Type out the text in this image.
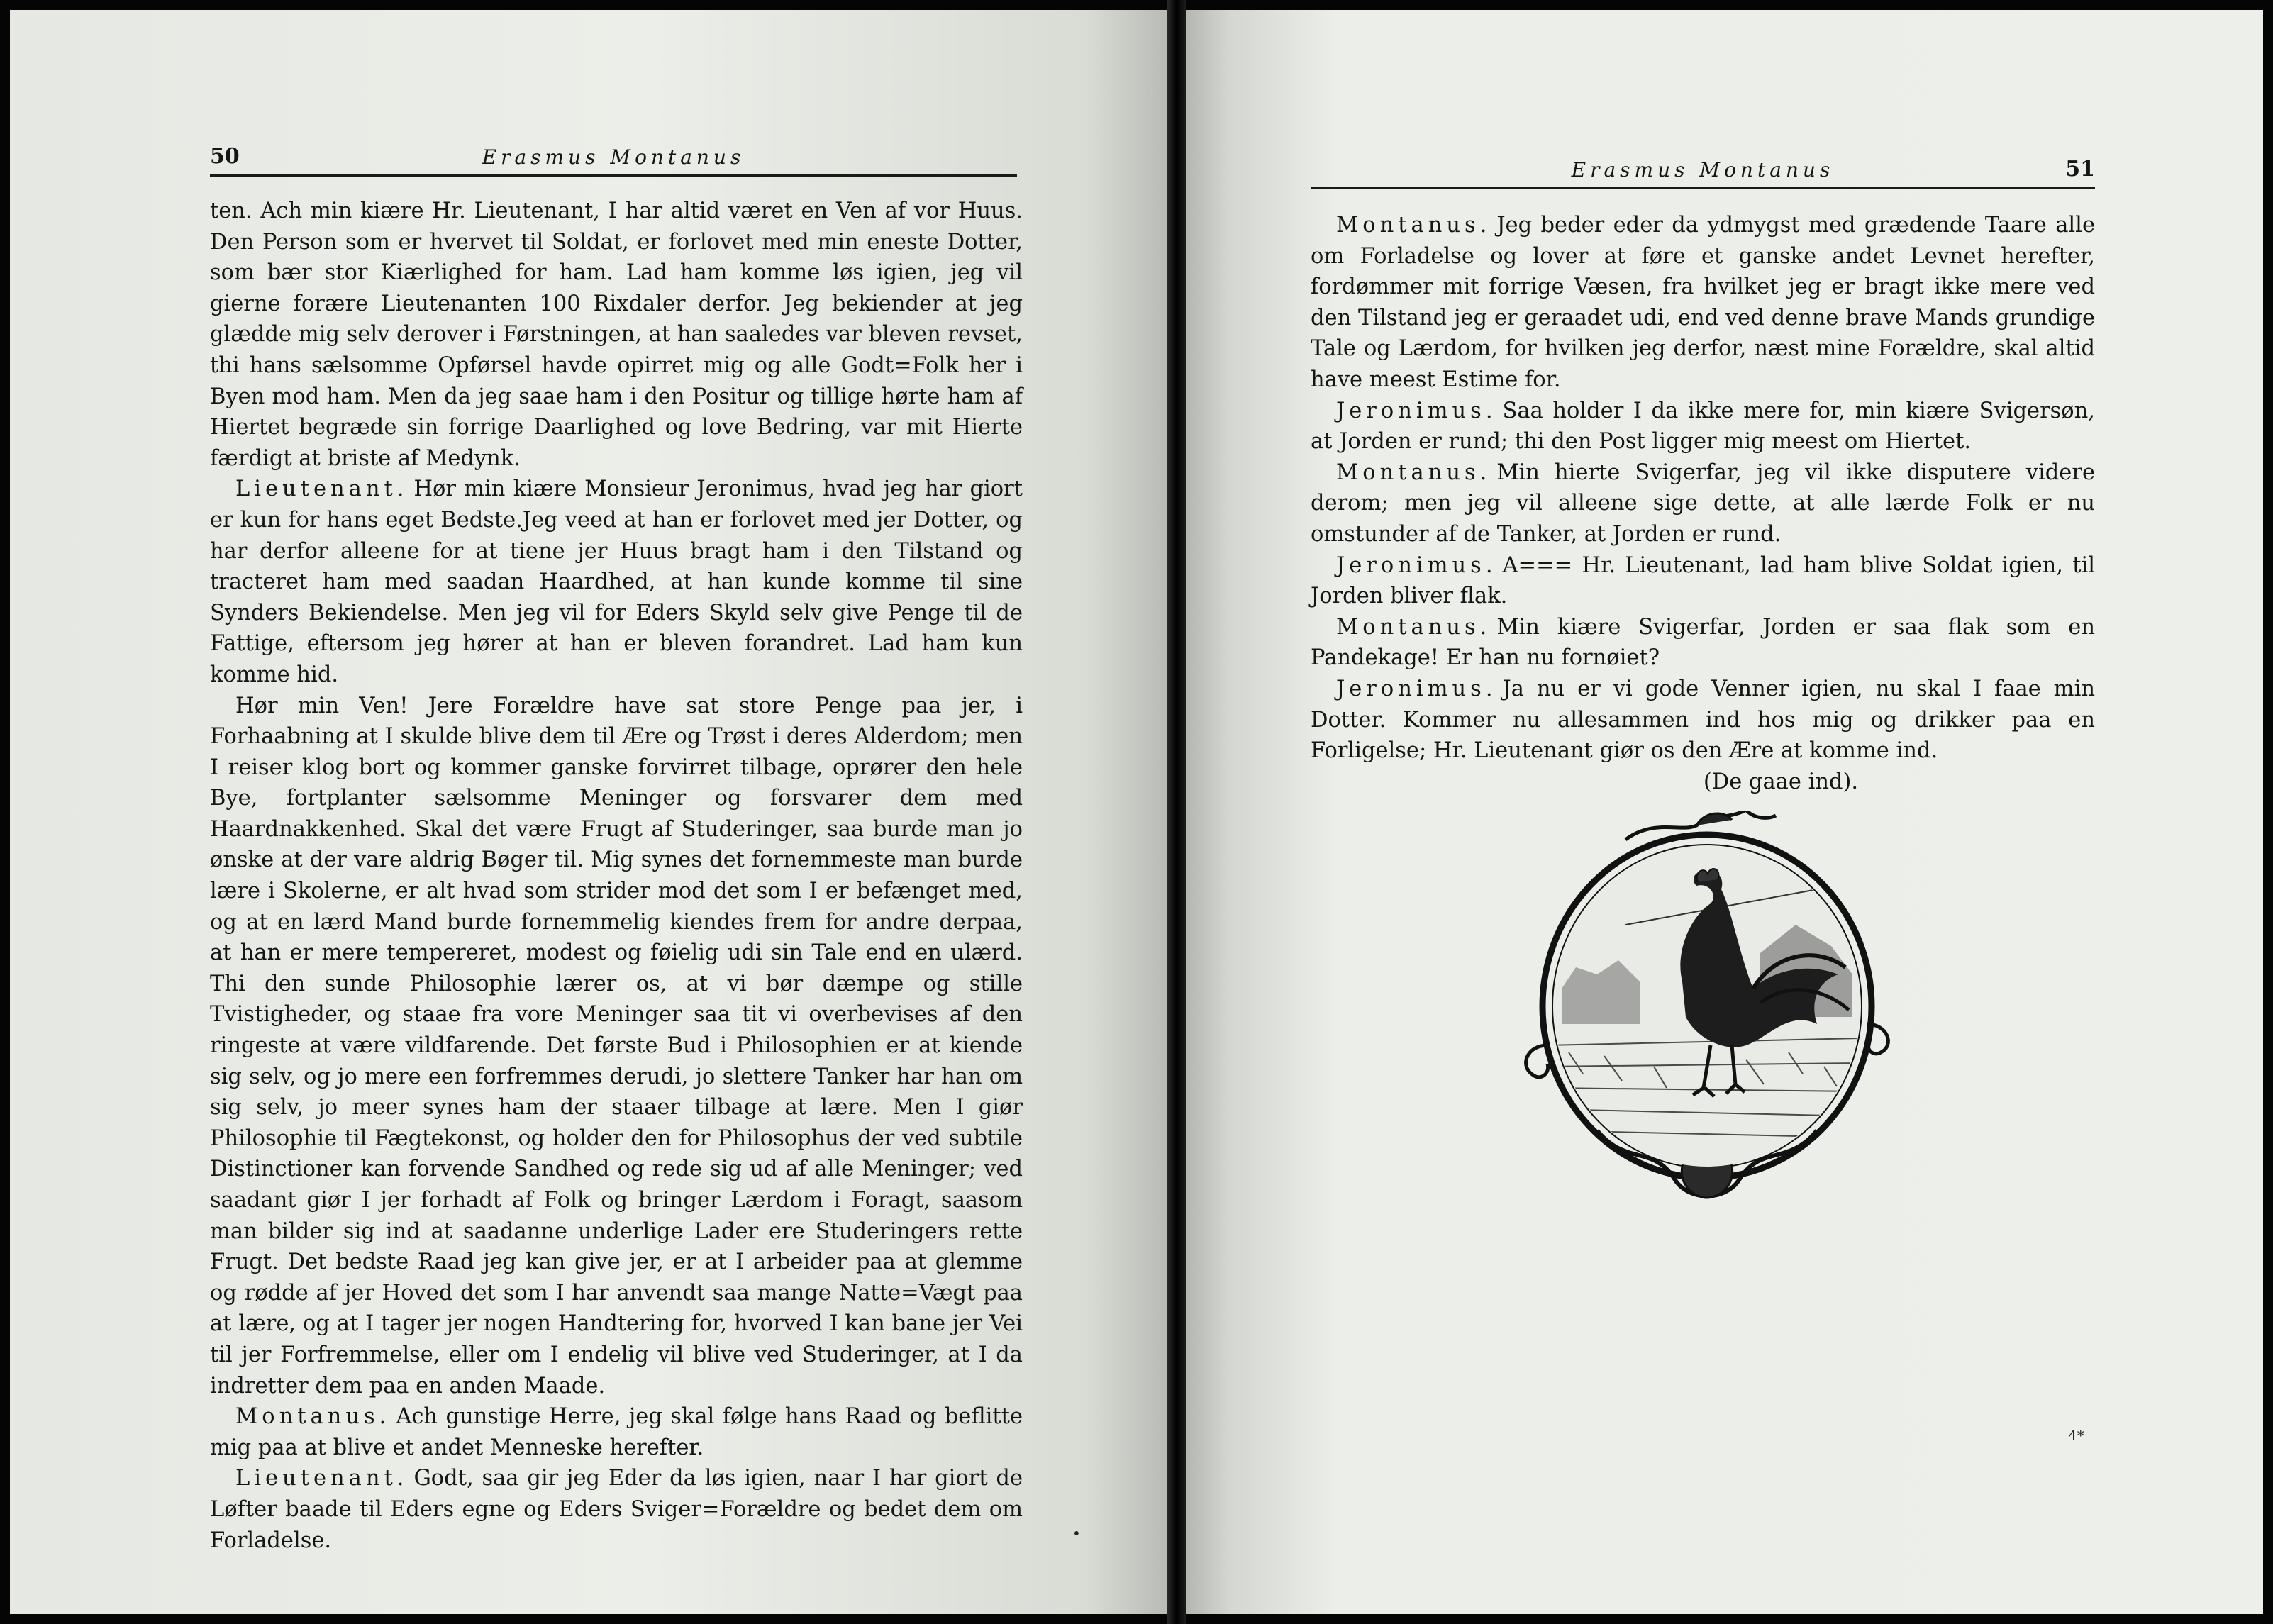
50	Erasmus Montanus

ten. Ach min kiære Hr. Lieutenant, I har altid været en Ven af vor Huus. Den Person som er hvervet til Soldat, er forlovet med min eneste Dotter, som bær stor Kiærlighed for ham. Lad ham komme løs igien, jeg vil gierne forære Lieutenanten 100 Rixdaler derfor. Jeg bekiender at jeg glædde mig selv derover i Førstningen, at han saaledes var bleven revset, thi hans sælsomme Opførsel havde opirret mig og alle Godt=Folk her i Byen mod ham. Men da jeg saae ham i den Positur og tillige hørte ham af Hiertet begræde sin forrige Daarlighed og love Bedring, var mit Hierte færdigt at briste af Medynk.

Lieutenant. Hør min kiære Monsieur Jeronimus, hvad jeg har giort er kun for hans eget Bedste.Jeg veed at han er forlovet med jer Dotter, og har derfor alleene for at tiene jer Huus bragt ham i den Tilstand og tracteret ham med saadan Haardhed, at han kunde komme til sine Synders Bekiendelse. Men jeg vil for Eders Skyld selv give Penge til de Fattige, eftersom jeg hører at han er bleven forandret. Lad ham kun komme hid.

Hør min Ven! Jere Forældre have sat store Penge paa jer, i Forhaabning at I skulde blive dem til Ære og Trøst i deres Alderdom; men I reiser klog bort og kommer ganske forvirret tilbage, oprører den hele Bye, fortplanter sælsomme Meninger og forsvarer dem med Haardnakkenhed. Skal det være Frugt af Studeringer, saa burde man jo ønske at der vare aldrig Bøger til. Mig synes det fornemmeste man burde lære i Skolerne, er alt hvad som strider mod det som I er befænget med, og at en lærd Mand burde fornemmelig kiendes frem for andre derpaa, at han er mere tempereret, modest og føielig udi sin Tale end en ulærd. Thi den sunde Philosophie lærer os, at vi bør dæmpe og stille Tvistigheder, og staae fra vore Meninger saa tit vi overbevises af den ringeste at være vildfarende. Det første Bud i Philosophien er at kiende sig selv, og jo mere een forfremmes derudi, jo slettere Tanker har han om sig selv, jo meer synes ham der staaer tilbage at lære. Men I giør Philosophie til Fægtekonst, og holder den for Philosophus der ved subtile Distinctioner kan forvende Sandhed og rede sig ud af alle Meninger; ved saadant giør I jer forhadt af Folk og bringer Lærdom i Foragt, saasom man bilder sig ind at saadanne underlige Lader ere Studeringers rette Frugt. Det bedste Raad jeg kan give jer, er at I arbeider paa at glemme og rødde af jer Hoved det som I har anvendt saa mange Natte=Vægt paa at lære, og at I tager jer nogen Handtering for, hvorved I kan bane jer Vei til jer Forfremmelse, eller om I endelig vil blive ved Studeringer, at I da indretter dem paa en anden Maade.

Montanus. Ach gunstige Herre, jeg skal følge hans Raad og beflitte mig paa at blive et andet Menneske herefter.

Lieutenant. Godt, saa gir jeg Eder da løs igien, naar I har giort de Løfter baade til Eders egne og Eders Sviger=Forældre og bedet dem om Forladelse.	•
Erasmus Montanus	51

Montanus. Jeg beder eder da ydmygst med grædende Taare alle om Forladelse og lover at føre et ganske andet Levnet herefter, fordømmer mit forrige Væsen, fra hvilket jeg er bragt ikke mere ved den Tilstand jeg er geraadet udi, end ved denne brave Mands grundige Tale og Lærdom, for hvilken jeg derfor, næst mine Forældre, skal altid have meest Estime for.

Jeronimus. Saa holder I da ikke mere for, min kiære Svigersøn, at Jorden er rund; thi den Post ligger mig meest om Hiertet.

Montanus. Min hierte Svigerfar, jeg vil ikke disputere videre derom; men jeg vil alleene sige dette, at alle lærde Folk er nu omstunder af de Tanker, at Jorden er rund.

Jeronimus. A=== Hr. Lieutenant, lad ham blive Soldat igien, til Jorden bliver flak.

Montanus. Min kiære Svigerfar, Jorden er saa flak som en Pandekage! Er han nu fornøiet?

Jeronimus. Ja nu er vi gode Venner igien, nu skal I faae min Dotter. Kommer nu allesammen ind hos mig og drikker paa en Forligelse; Hr. Lieutenant giør os den Ære at komme ind.

(De gaae ind).

4*
